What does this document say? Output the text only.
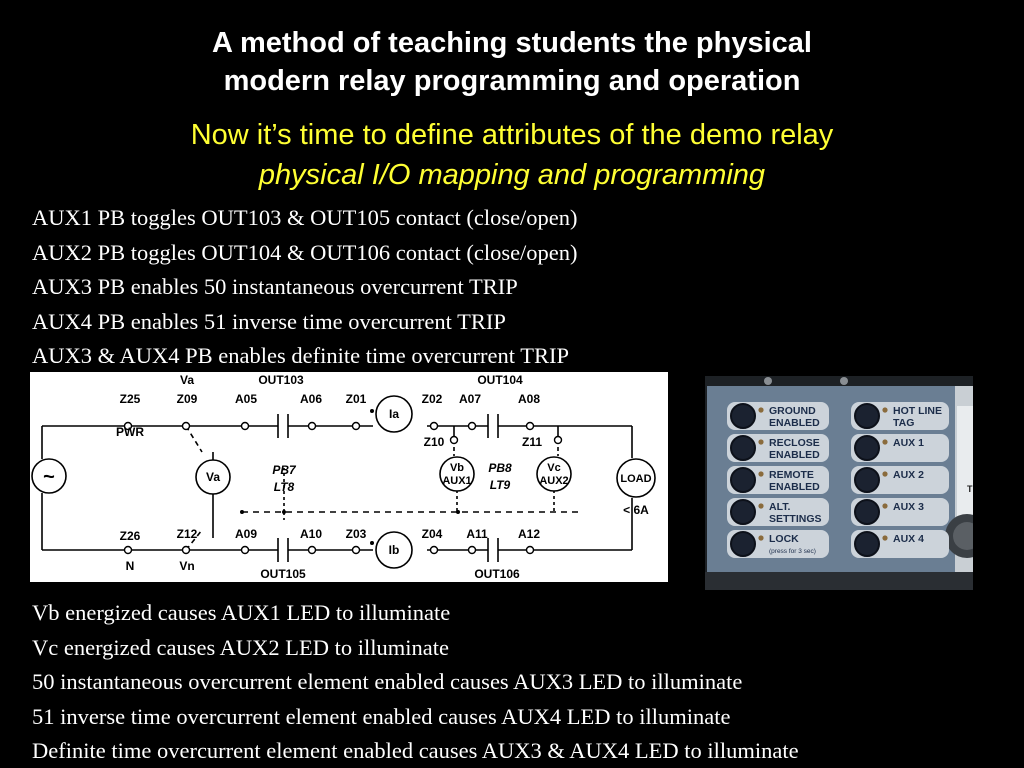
A method of teaching students the physical
modern relay programming and operation
Now it’s time to define attributes of the demo relay
physical I/O mapping and programming
AUX1 PB toggles OUT103 & OUT105 contact (close/open)
AUX2 PB toggles OUT104 & OUT106 contact (close/open)
AUX3 PB enables 50 instantaneous overcurrent TRIP
AUX4 PB enables 51 inverse time overcurrent TRIP
AUX3 & AUX4 PB enables definite time overcurrent TRIP
~
Z25	Z09
Va
A05
OUT103
A06 Z01	Z02 A07
OUT104
A08
PWR
Z10	Z11
Va
Ia
Ib
Vb
AUX1
Vc
AUX2	LOAD
< 6A
PB7
LT8
PB8
LT9
Z26	Z12	A09	A10 Z03	Z04 A11	A12
N	Vn
OUT105	OUT106
T
GROUND
ENABLED
RECLOSE
ENABLED
REMOTE
ENABLED
ALT.
SETTINGS
LOCK
(press for 3 sec)
HOT LINE
TAG
AUX 1
AUX 2
AUX 3
AUX 4
Vb energized causes AUX1 LED to illuminate
Vc energized causes AUX2 LED to illuminate
50 instantaneous overcurrent element enabled causes AUX3 LED to illuminate
51 inverse time overcurrent element enabled causes AUX4 LED to illuminate
Definite time overcurrent element enabled causes AUX3 & AUX4 LED to illuminate
